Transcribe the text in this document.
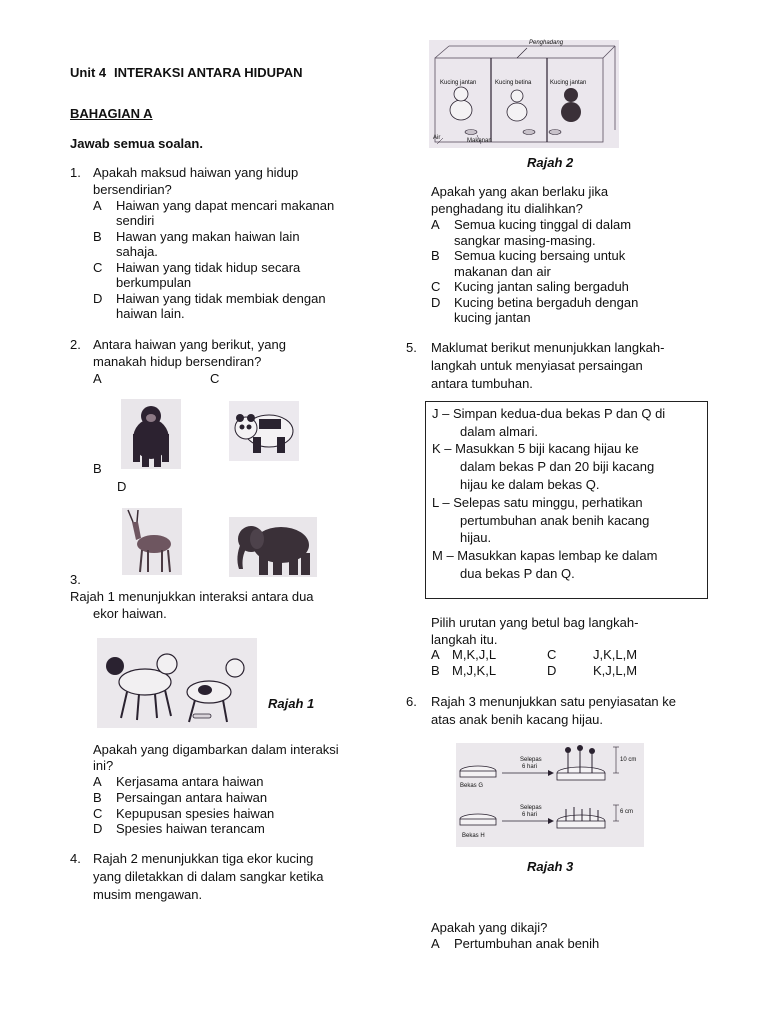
Unit 4 INTERAKSI ANTARA HIDUPAN
BAHAGIAN A
Jawab semua soalan.
1. Apakah maksud haiwan yang hidup
bersendirian?
A Haiwan yang dapat mencari makanan
sendiri
B Hawan yang makan haiwan lain
sahaja.
C Haiwan yang tidak hidup secara
berkumpulan
D Haiwan yang tidak membiak dengan
haiwan lain.
2. Antara haiwan yang berikut, yang
manakah hidup bersendiran?
A	C
B
D
3.
Rajah 1 menunjukkan interaksi antara dua
ekor haiwan.
Rajah 1
Apakah yang digambarkan dalam interaksi
ini?
A Kerjasama antara haiwan
B Persaingan antara haiwan
C Kepupusan spesies haiwan
D Spesies haiwan terancam
4. Rajah 2 menunjukkan tiga ekor kucing
yang diletakkan di dalam sangkar ketika
musim mengawan.
Penghadang
Kucing jantan	Kucing betina	Kucing jantan
Air	Makanan
Rajah 2
Apakah yang akan berlaku jika
penghadang itu dialihkan?
A Semua kucing tinggal di dalam
sangkar masing-masing.
B Semua kucing bersaing untuk
makanan dan air
C Kucing jantan saling bergaduh
D Kucing betina bergaduh dengan
kucing jantan
5. Maklumat berikut menunjukkan langkah-
langkah untuk menyiasat persaingan
antara tumbuhan.
J – Simpan kedua-dua bekas P dan Q di
dalam almari.
K – Masukkan 5 biji kacang hijau ke
dalam bekas P dan 20 biji kacang
hijau ke dalam bekas Q.
L – Selepas satu minggu, perhatikan
pertumbuhan anak benih kacang
hijau.
M – Masukkan kapas lembap ke dalam
dua bekas P dan Q.
Pilih urutan yang betul bag langkah-
langkah itu.
A M,K,J,L	C	J,K,L,M
B M,J,K,L	D	K,J,L,M
6. Rajah 3 menunjukkan satu penyiasatan ke
atas anak benih kacang hijau.
Selepas
6 hari
10 cm
Bekas G
Selepas
6 hari	6 cm
Bekas H
Rajah 3
Apakah yang dikaji?
A Pertumbuhan anak benih
